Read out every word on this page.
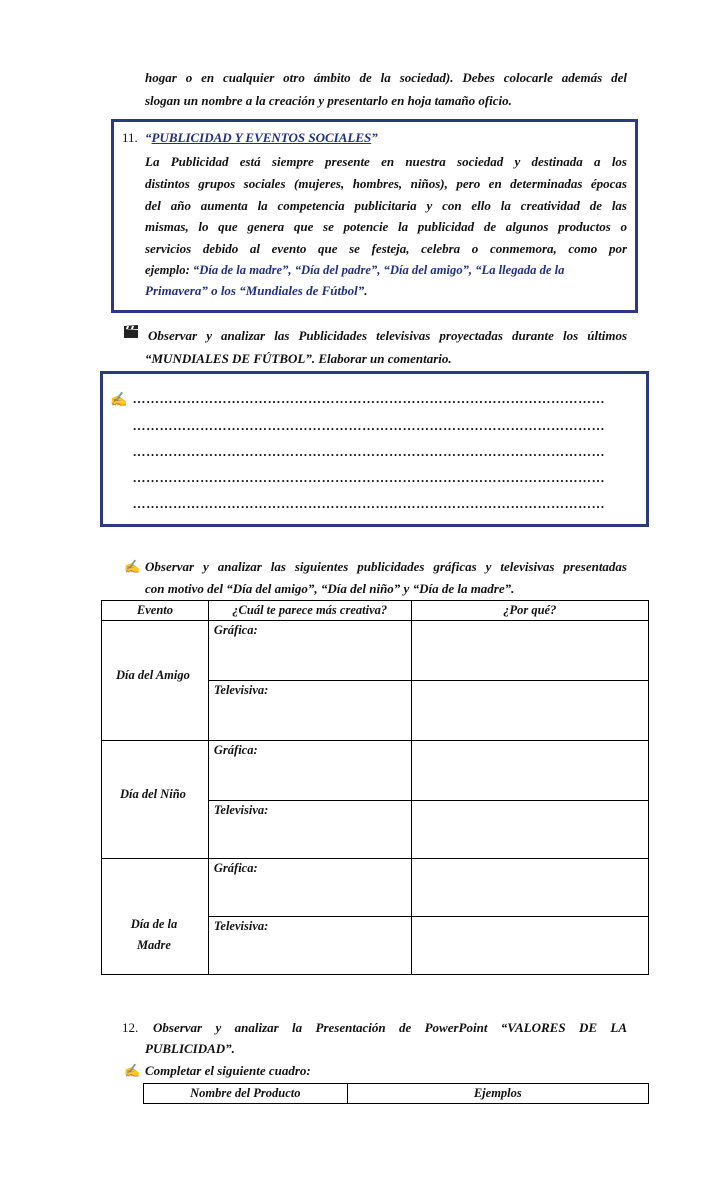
hogar o en cualquier otro ámbito de la sociedad). Debes colocarle además del
slogan un nombre a la creación y presentarlo en hoja tamaño oficio.
11. “PUBLICIDAD Y EVENTOS SOCIALES”
La Publicidad está siempre presente en nuestra sociedad y destinada a los
distintos grupos sociales (mujeres, hombres, niños), pero en determinadas épocas
del año aumenta la competencia publicitaria y con ello la creatividad de las
mismas, lo que genera que se potencie la publicidad de algunos productos o
servicios debido al evento que se festeja, celebra o conmemora, como por
ejemplo: “Día de la madre”, “Día del padre”, “Día del amigo”, “La llegada de la
Primavera” o los “Mundiales de Fútbol”.
Observar y analizar las Publicidades televisivas proyectadas durante los últimos
“MUNDIALES DE FÚTBOL”. Elaborar un comentario.
✍ ……………………………………………………………………………………………
……………………………………………………………………………………………
……………………………………………………………………………………………
……………………………………………………………………………………………
……………………………………………………………………………………………
✍ Observar y analizar las siguientes publicidades gráficas y televisivas presentadas
con motivo del “Día del amigo”, “Día del niño” y “Día de la madre”.
Evento	¿Cuál te parece más creativa?	¿Por qué?
Día del Amigo	Gráfica:	
	Televisiva:	
Día del Niño	Gráfica:	
	Televisiva:	
Día de la Madre	Gráfica:	
	Televisiva:	
12. Observar y analizar la Presentación de PowerPoint “VALORES DE LA
PUBLICIDAD”.
✍ Completar el siguiente cuadro:
Nombre del Producto	Ejemplos
